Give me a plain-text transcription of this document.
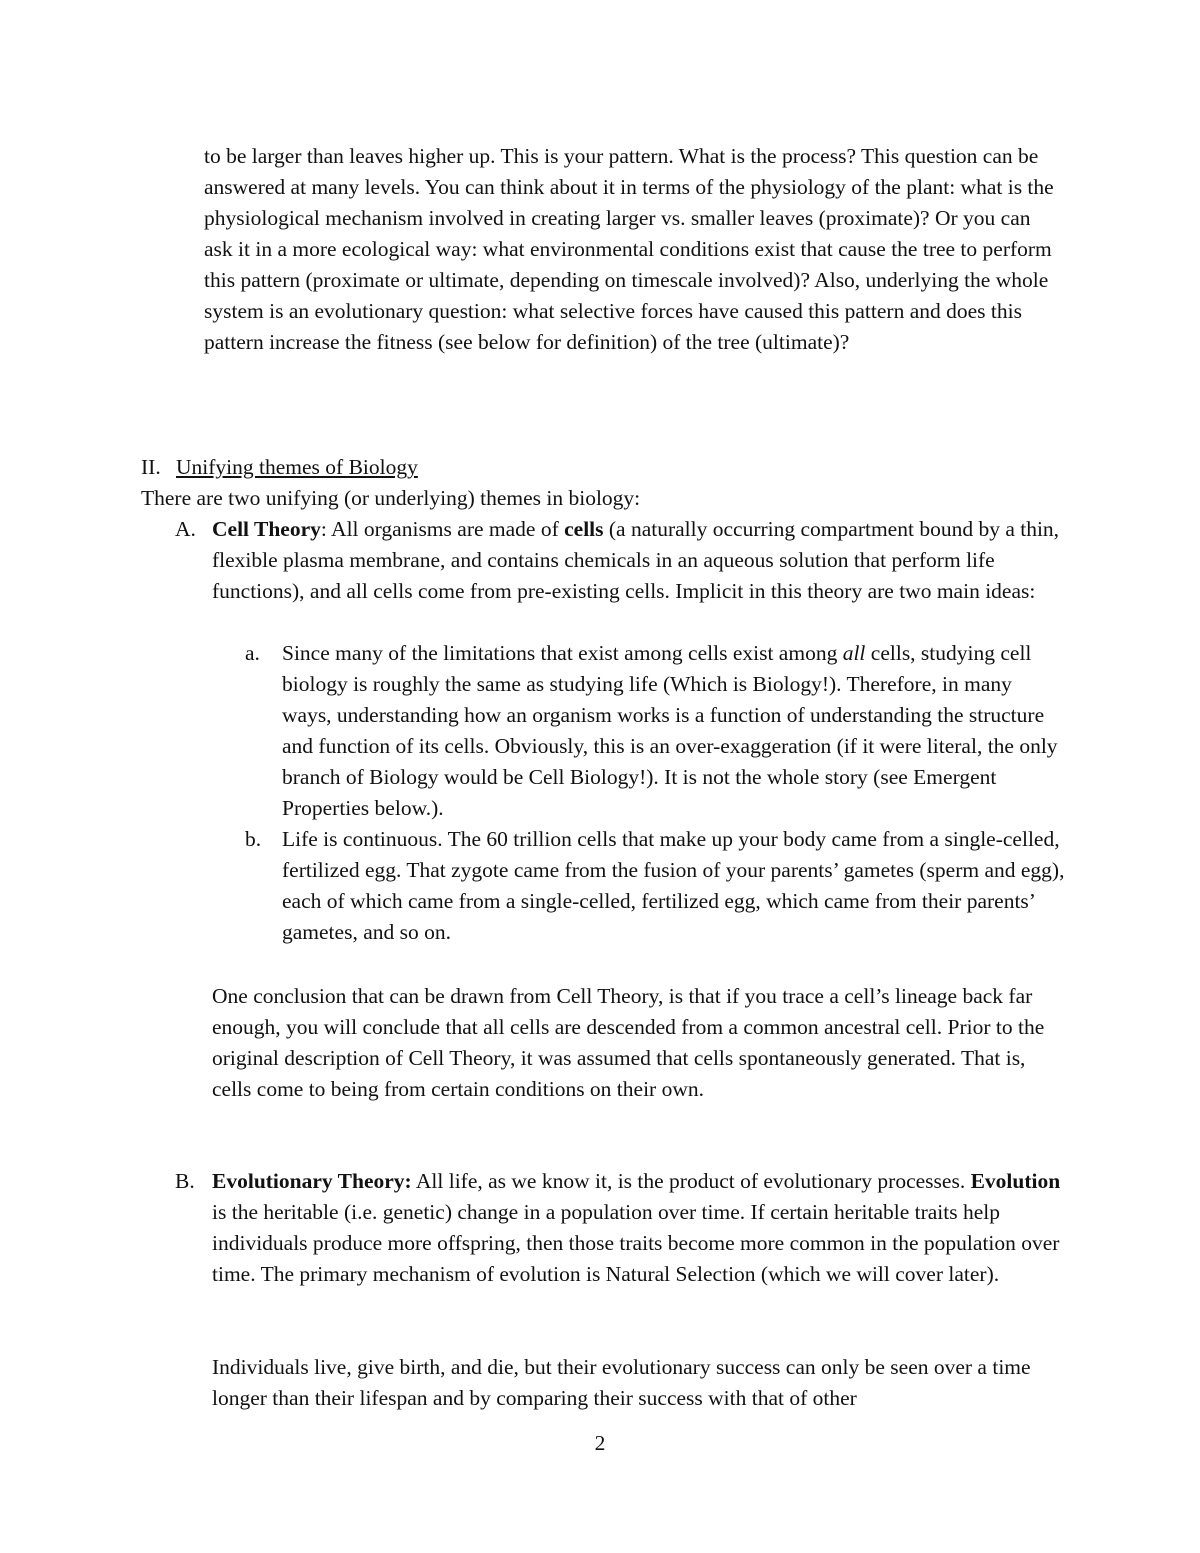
to be larger than leaves higher up. This is your pattern. What is the process? This question can be answered at many levels. You can think about it in terms of the physiology of the plant: what is the physiological mechanism involved in creating larger vs. smaller leaves (proximate)? Or you can ask it in a more ecological way: what environmental conditions exist that cause the tree to perform this pattern (proximate or ultimate, depending on timescale involved)? Also, underlying the whole system is an evolutionary question: what selective forces have caused this pattern and does this pattern increase the fitness (see below for definition) of the tree (ultimate)?

II. Unifying themes of Biology

There are two unifying (or underlying) themes in biology:

A. Cell Theory: All organisms are made of cells (a naturally occurring compartment bound by a thin, flexible plasma membrane, and contains chemicals in an aqueous solution that perform life functions), and all cells come from pre-existing cells. Implicit in this theory are two main ideas:

a.	Since many of the limitations that exist among cells exist among all cells, studying cell biology is roughly the same as studying life (Which is Biology!). Therefore, in many ways, understanding how an organism works is a function of understanding the structure and function of its cells. Obviously, this is an over-exaggeration (if it were literal, the only branch of Biology would be Cell Biology!). It is not the whole story (see Emergent Properties below.).

b. Life is continuous. The 60 trillion cells that make up your body came from a single-celled, fertilized egg. That zygote came from the fusion of your parents’ gametes (sperm and egg), each of which came from a single-celled, fertilized egg, which came from their parents’ gametes, and so on.

One conclusion that can be drawn from Cell Theory, is that if you trace a cell’s lineage back far enough, you will conclude that all cells are descended from a common ancestral cell. Prior to the original description of Cell Theory, it was assumed that cells spontaneously generated. That is, cells come to being from certain conditions on their own.

B. Evolutionary Theory: All life, as we know it, is the product of evolutionary processes. Evolution is the heritable (i.e. genetic) change in a population over time. If certain heritable traits help individuals produce more offspring, then those traits become more common in the population over time. The primary mechanism of evolution is Natural Selection (which we will cover later).

Individuals live, give birth, and die, but their evolutionary success can only be seen over a time longer than their lifespan and by comparing their success with that of other

2
